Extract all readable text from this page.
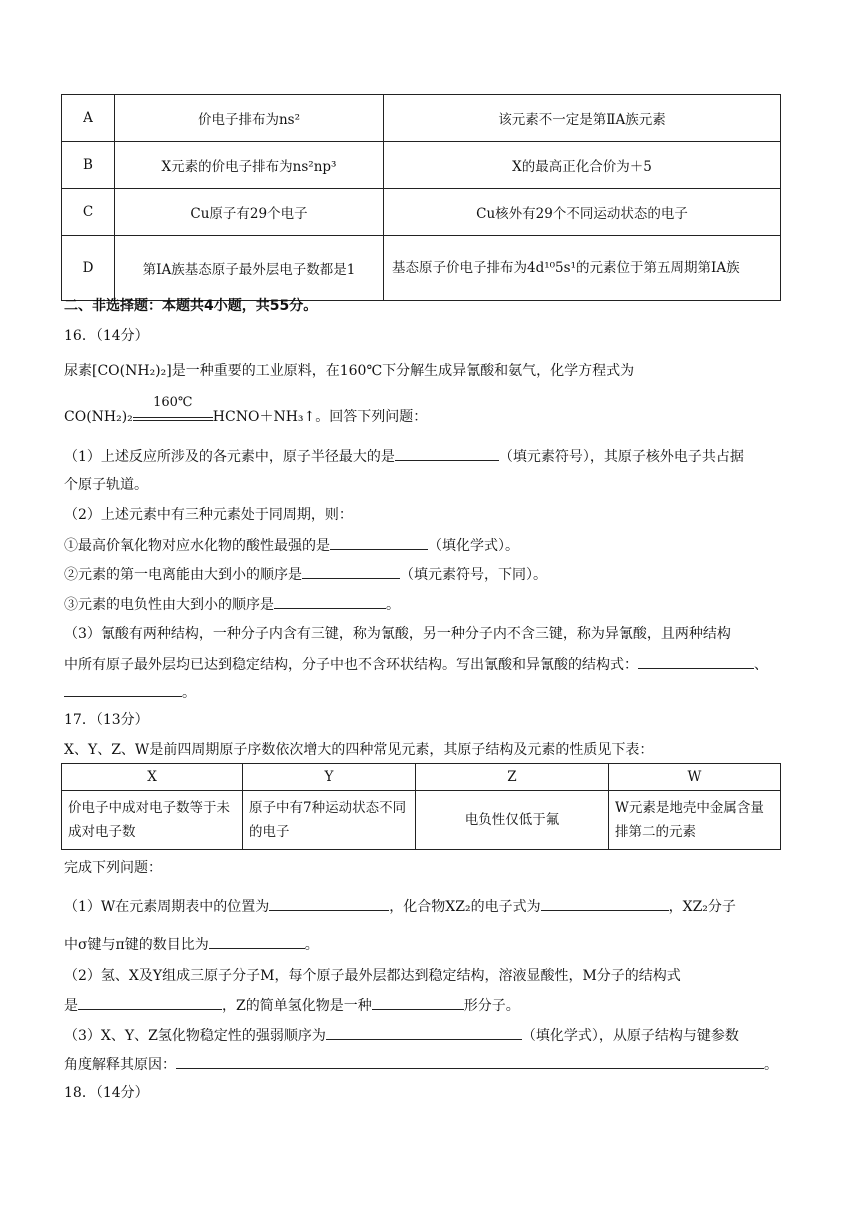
A	价电子排布为ns²	该元素不一定是第ⅡA族元素
B	X元素的价电子排布为ns²np³	X的最高正化合价为＋5
C	Cu原子有29个电子	Cu核外有29个不同运动状态的电子
D	第ⅠA族基态原子最外层电子数都是1	基态原子价电子排布为4d¹⁰5s¹的元素位于第五周期第ⅠA族
二、非选择题：本题共4小题，共55分。
16．（14分）
尿素[CO(NH₂)₂]是一种重要的工业原料，在160℃下分解生成异氰酸和氨气，化学方程式为
CO(NH₂)₂
160℃
HCNO＋NH₃↑。回答下列问题：
（1）上述反应所涉及的各元素中，原子半径最大的是	（填元素符号），其原子核外电子共占据
个原子轨道。
（2）上述元素中有三种元素处于同周期，则：
①最高价氧化物对应水化物的酸性最强的是	（填化学式）。
②元素的第一电离能由大到小的顺序是	（填元素符号，下同）。
③元素的电负性由大到小的顺序是	。
（3）氰酸有两种结构，一种分子内含有三键，称为氰酸，另一种分子内不含三键，称为异氰酸，且两种结构
中所有原子最外层均已达到稳定结构，分子中也不含环状结构。写出氰酸和异氰酸的结构式：	、
。
17．（13分）
X、Y、Z、W是前四周期原子序数依次增大的四种常见元素，其原子结构及元素的性质见下表：
X	Y	Z	W
价电子中成对电子数等于未成对电子数	原子中有7种运动状态不同的电子	电负性仅低于氟	W元素是地壳中金属含量排第二的元素
完成下列问题：
（1）W在元素周期表中的位置为	，化合物XZ₂的电子式为	，XZ₂分子
中σ键与π键的数目比为	。
（2）氢、X及Y组成三原子分子M，每个原子最外层都达到稳定结构，溶液显酸性，M分子的结构式
是	，Z的简单氢化物是一种	形分子。
（3）X、Y、Z氢化物稳定性的强弱顺序为	（填化学式），从原子结构与键参数
角度解释其原因：	。
18．（14分）
